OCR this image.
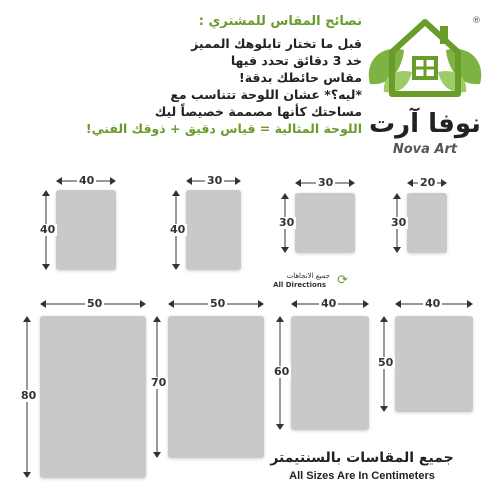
نصائح المقاس للمشتري :
قبل ما تختار تابلوهك المميز
خد 3 دقائق تحدد فيها
مقاس حائطك بدقة!
*ليه؟* عشان اللوحة تتناسب مع
مساحتك كأنها مصممة خصيصاً ليك
اللوحة المثالية = قياس دقيق + ذوقك الفني!
®
نوفا آرت
Nova Art
40
40
30
40
30
30
20
30
جميع الاتجاهات
All Directions ⟳
50
80
50
70
40
60
40
50
جميع المقاسات بالسنتيمتر
All Sizes Are In Centimeters
